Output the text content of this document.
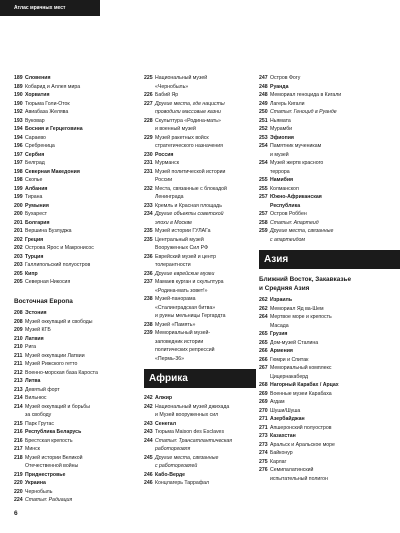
Атлас мрачных мест
189 Словения
189 Кобарид и Аллея мира
190 Хорватия
190 Тюрьма Голи-Оток
192 Авиабаза Желява
193 Вуковар
194 Босния и Герцеговина
194 Сараево
196 Сребреница
197 Сербия
197 Белград
198 Северная Македония
198 Скопье
199 Албания
199 Тирана
200 Румыния
200 Бухарест
201 Болгария
201 Вершина Бузлуджа
202 Греция
202 Острова Ярос и Макронисос
203 Турция
203 Галлипольский полуостров
205 Кипр
205 Северная Никосия
Восточная Европа
208 Эстония
208 Музей оккупаций и свободы
209 Музей КГБ
210 Латвия
210 Рига
211 Музей оккупации Латвии
211 Музей Рижского гетто
212 Военно-морская база Кароста
213 Литва
213 Девятый форт
214 Вильнюс
214 Музей оккупаций и борьбы
за свободу
215 Парк Грутас
216 Республика Беларусь
216 Брестская крепость
217 Минск
218 Музей истории Великой
Отечественной войны
219 Приднестровье
220 Украина
220 Чернобыль
224 Статья: Радиация
225 Национальный музей
«Чернобыль»
226 Бабий Яр
227 Другие места, где нацисты
проводили массовые казни
228 Скульптура «Родина-мать»
и военный музей
229 Музей ракетных войск
стратегического назначения
230 Россия
231 Мурманск
231 Музей политической истории
России
232 Места, связанные с блокадой
Ленинграда
233 Кремль и Красная площадь
234 Другие объекты советской
эпохи в Москве
235 Музей истории ГУЛАГа
235 Центральный музей
Вооруженных Сил РФ
236 Еврейский музей и центр
толерантности
236 Другие еврейские музеи
237 Мамаев курган и скульптура
«Родина-мать зовет!»
238 Музей-панорама
«Сталинградская битва»
и руины мельницы Гергардта
238 Музей «Память»
239 Мемориальный музей-
заповедник истории
политических репрессий
«Пермь-36»
Африка
242 Алжир
242 Национальный музей джихада
и Музей вооруженных сил
243 Сенегал
243 Тюрьма Maison des Esclaves
244 Статья: Трансатлантическая
работорговля
245 Другие места, связанные
с работорговлей
246 Кабо-Верде
246 Концлагерь Таррафал
247 Остров Фогу
248 Руанда
248 Мемориал геноцида в Кигали
249 Лагерь Кигали
250 Статья: Геноцид в Руанде
251 Ньямата
252 Мурамби
253 Эфиопия
254 Памятник мученикам
и музей
254 Музей жертв красного
террора
255 Намибия
255 Колманскоп
257 Южно-Африканская
Республика
257 Остров Роббен
258 Статья: Апартеид
259 Другие места, связанные
с апартеидом
Азия
Ближний Восток, Закавказье
и Средняя Азия
262 Израиль
262 Мемориал Яд ва-Шем
264 Мертвое море и крепость
Масада
265 Грузия
265 Дом-музей Сталина
266 Армения
266 Гюмри и Спитак
267 Мемориальный комплекс
Цицернакаберд
268 Нагорный Карабах / Арцах
269 Военные музеи Карабаха
269 Агдам
270 Шуши/Шуша
271 Азербайджан
271 Апшеронский полуостров
273 Казахстан
273 Аральск и Аральское море
274 Байконур
275 Карлаг
276 Семипалатинский
испытательный полигон
6
